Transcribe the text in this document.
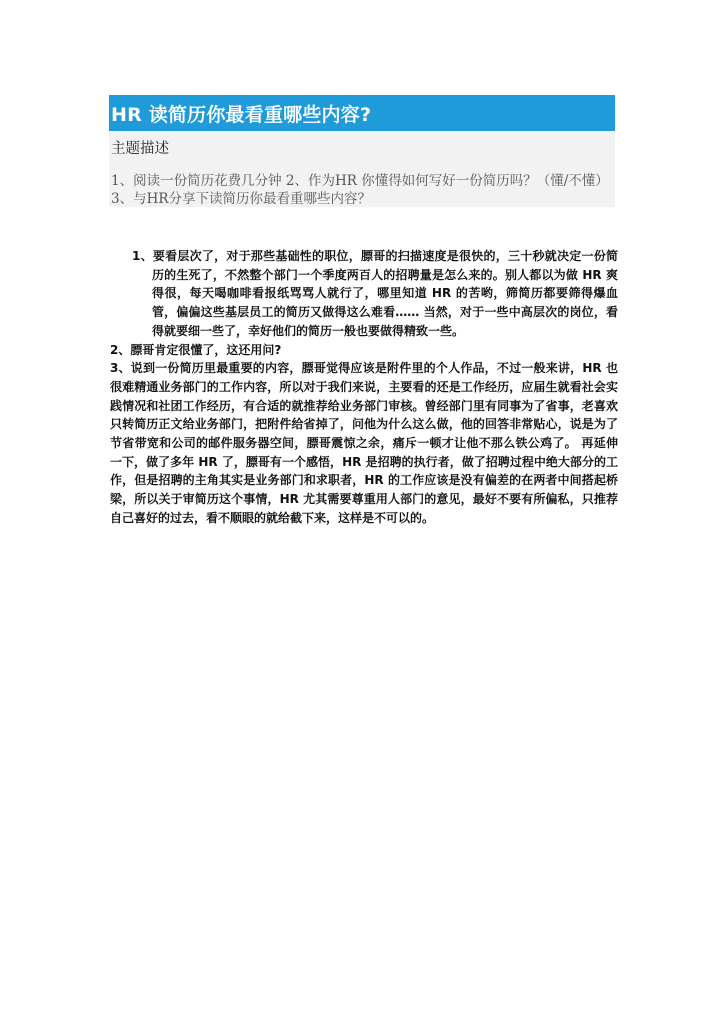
HR 读简历你最看重哪些内容?
主题描述
1、阅读一份简历花费几分钟 2、作为HR 你懂得如何写好一份简历吗？（懂/不懂） 3、与HR分享下读简历你最看重哪些内容？

1、要看层次了，对于那些基础性的职位，膘哥的扫描速度是很快的，三十秒就决定一份简历的生死了，不然整个部门一个季度两百人的招聘量是怎么来的。别人都以为做 HR 爽得很，每天喝咖啡看报纸骂骂人就行了，哪里知道 HR 的苦哟，筛简历都要筛得爆血管，偏偏这些基层员工的简历又做得这么难看…… 当然，对于一些中高层次的岗位，看得就要细一些了，幸好他们的简历一般也要做得精致一些。

2、膘哥肯定很懂了，这还用问?

3、说到一份简历里最重要的内容，膘哥觉得应该是附件里的个人作品，不过一般来讲，HR 也很难精通业务部门的工作内容，所以对于我们来说，主要看的还是工作经历，应届生就看社会实践情况和社团工作经历，有合适的就推荐给业务部门审核。曾经部门里有同事为了省事，老喜欢只转简历正文给业务部门，把附件给省掉了，问他为什么这么做，他的回答非常贴心，说是为了节省带宽和公司的邮件服务器空间，膘哥震惊之余，痛斥一顿才让他不那么铁公鸡了。 再延伸一下，做了多年 HR 了，膘哥有一个感悟，HR 是招聘的执行者，做了招聘过程中绝大部分的工作，但是招聘的主角其实是业务部门和求职者，HR 的工作应该是没有偏差的在两者中间搭起桥梁，所以关于审简历这个事情，HR 尤其需要尊重用人部门的意见，最好不要有所偏私，只推荐自己喜好的过去，看不顺眼的就给截下来，这样是不可以的。
